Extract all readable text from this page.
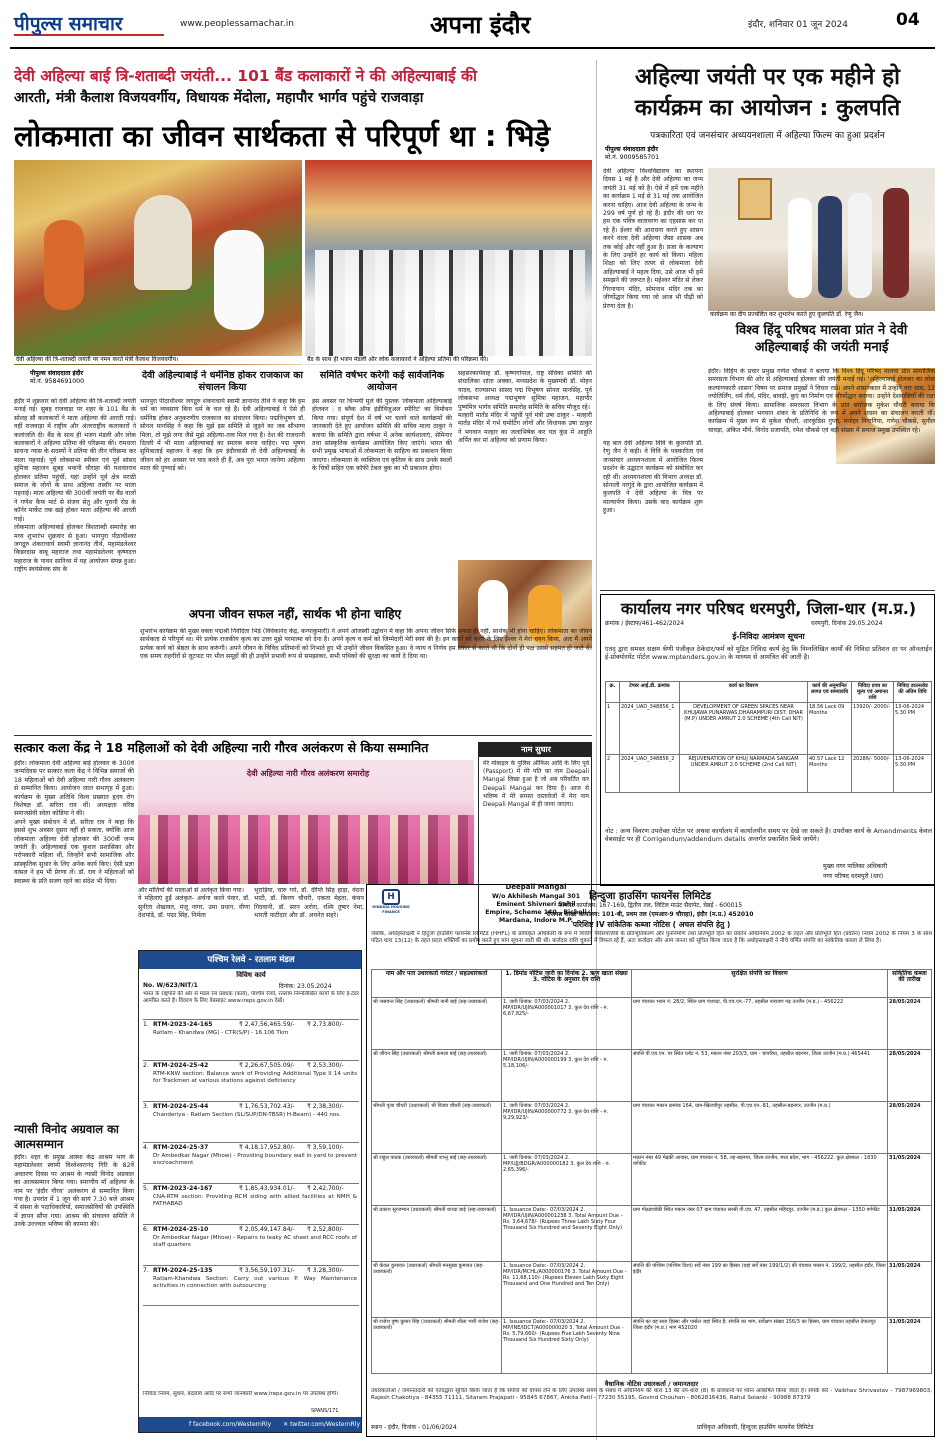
पीपुल्स समाचार	www.peoplessamachar.in	अपना इंदौर	इंदौर, शनिवार 01 जून 2024	04
देवी अहिल्या बाई त्रि-शताब्दी जयंती... 101 बैंड कलाकारों ने की अहिल्याबाई की
आरती, मंत्री कैलाश विजयवर्गीय, विधायक मेंदोला, महापौर भार्गव पहुंचे राजवाड़ा
लोकमाता का जीवन सार्थकता से परिपूर्ण था : भिड़े
देवी अहिल्या की त्रि-शताब्दी जयंती पर नमन करते मंत्री कैलाश विजयवर्गीय।	बैंड के साथ ही भजन मंडली और लोक कलाकारों ने अहिल्या प्रतिमा की परिक्रमा की।
पीपुल्स संवाददाता इंदौर
मो.नं. 9584691000
इंदौर में शुक्रवार को देवी अहिल्या की त्रि-शताब्दी जयंती मनाई गई। सुबह राजवाड़ा पर शहर के 101 बैंड के सोलह सौ कलाकारों ने माता अहिल्या की आरती गाई। वहीं राजवाड़ा में राष्ट्रीय और अंतरराष्ट्रीय कलाकारों ने कलांजलि दी। बैंड के साथ ही भजन मंडली और लोक कलाकारों ने अहिल्या प्रतिमा की परिक्रमा की। रामधारा साधना न्यास के सदस्यों ने प्रतिमा की तीन परिक्रमा कर माला पहनाई। पूर्व लोकसभा स्पीकर एवं पूर्व सांसद सुमित्रा महाजन सुबह भवानी चौराहा की यशवंतराव होलकर प्रतिमा पहुंचीं, यहां उन्होंने पूर्व क्षेत्र मराठी समाज के लोगों के साथ अहिल्या तस्वीर पर माला पहनाई। माता अहिल्या की 300वीं जयंती पर बैंड वालों ने गणेश कैफ मार्ट से संजय सेतु और पुरानी रोड के कॉर्नर मार्केट तक खड़े होकर माता अहिल्या की आरती गाई।
लोकमाता अहिल्याबाई होलकर त्रिशताब्दी समारोह का मध्य शुभारंभ शुक्रवार से हुआ। भानपुरा पीठाधीश्वर जगद्गुरु शंकराचार्य स्वामी ज्ञानानंद तीर्थ, महामंडलेश्वर किन्नरदास बाबू महाराज तथा महामंडलेश्वर कृष्णदत्त महाराज के पावन सानिध्य में यह आयोजन संपन्न हुआ। राष्ट्रीय स्वयंसेवक संघ के
देवी अहिल्याबाई ने धर्मनिष्ठ होकर राजकाज का संचालन किया
भानपुरा पीठाधीश्वर जगद्गुरु शंकराचार्य स्वामी ज्ञानानंद तीर्थ ने कहा कि हम धर्म का व्यवसाय बिना धर्म के चल रहे हैं। देवी अहिल्याबाई ने ऐसे ही धर्मनिष्ठ होकर अनुकरणीय राजकाज का संचालन किया। पद्मविभूषण डॉ. सोनल मानसिंह ने कहा कि मुझे इस समिति से जुड़ने का जब सौभाग्य मिला, तो मुझे लगा जैसे मुझे अहिल्या-तत्व मिल गया है। देश की राजधानी दिल्ली में भी माता अहिल्याबाई का स्मारक बनना चाहिए। पद्म भूषण सुमित्राताई महाजन ने कहा कि हम इंदौरवासी तो देवी अहिल्याबाई के जीवन को हर अवसर पर याद करते ही हैं, अब पूरा भारत जानेगा अहिल्या माता की पुण्याई को।
समिति वर्षभर करेगी कई सार्वजनिक आयोजन
इस अवसर पर चिन्मयी मुले की पुस्तक 'लोकमाता अहिल्याबाई होलकर : द ब्लैक ऑफ इंडीविजुअल स्पीरिट' का विमोचन किया गया। संपूर्ण देश में वर्ष भर चलने वाले कार्यक्रमों की जानकारी देते हुए आयोजन समिति की सचिव माला ठाकुर ने बताया कि समिति द्वारा वर्षभर में अनेक कार्यशालाएं, सेमिनार तथा सांस्कृतिक कार्यक्रम आयोजित किए जाएंगे। भारत की सभी प्रमुख भाषाओं में लोकमाता के साहित्य का प्रकाशन किया जाएगा। लोकमाता के व्यक्तित्व एवं कृतित्व के साथ उनके स्थलों के चित्रों सहित एक कॉफी टेबल बुक का भी प्रकाशन होगा।
सहसरकार्यवाह डॉ. कृष्णगोपाल, राष्ट्र सेविका समिति की संचालिका शांता अक्का, मध्यप्रदेश के मुख्यमंत्री डॉ. मोहन यादव, राज्यसभा सांसद पद्म विभूषण सोनल मानसिंह, पूर्व लोकसभा अध्यक्ष पद्मभूषण सुमित्रा महाजन, महापौर पुष्यमित्र भार्गव समिति समारोह समिति के सचिव मौजूद रहे।
मल्हारी मार्तंड मंदिर में पहुंचीं पूर्व मंत्री उषा ठाकुर - मल्हारी मार्तंड मंदिर में गर्भ घमोटिंग लोगों और विधायक उषा ठाकुर ने भगवान मल्हार का जलाभिषेक कर यज्ञ कुंड में आहुति अर्पित कर मां अहिल्या को प्रणाम किया।
अपना जीवन सफल नहीं, सार्थक भी होना चाहिए
शुभारंभ कार्यक्रम की मुख्य वक्ता पद्मश्री निवेदिता भिड़े (विवेकानंद केंद्र, कन्याकुमारी) ने अपने ओजस्वी उद्बोधन में कहा कि अपना जीवन सिर्फ सफल ही नहीं, सार्थक भी होना चाहिए। लोकमाता का जीवन सार्थकता से परिपूर्ण था। मेरे प्रत्येक राजकीय कृत्य का उत्तर मुझे परमात्मा को देना है। अपने कृत्य व कर्म को जिम्मेदारी मेरी स्वयं की है। इन कार्यों को करने के लिए ईश्वर ने मेरा चयन किया, अतः मैं अपने प्रत्येक कार्य को श्रेष्ठता के साथ करूंगी। अपने जीवन के विविध प्रतिमानों को निभाते हुए भी उन्होंने जीवन विकसित हुआ। वे न्याय व निर्णय हम प्रकार से करते थी कि दोनों ही पक्ष उससे सहमत हो जाते थे। एक समय राहगीरों से लूटपाट पर भील समूहों की ही उन्होंने प्रभावी रूप से समझाकर, सभी पथिकों की सुरक्षा का कार्य दे दिया था।
अहिल्या जयंती पर एक महीने हो कार्यक्रम का आयोजन : कुलपति
पत्रकारिता एवं जनसंचार अध्ययनशाला में अहिल्या फिल्म का हुआ प्रदर्शन
पीपुल्स संवाददाता इंदौर
मो.नं. 9009585701
देवी अहिल्या विश्वविद्यालय का स्थापना दिवस 1 मई है और देवी अहिल्या का जन्म जयंती 31 मई को है। ऐसे में हमें एक महीने का कार्यक्रम 1 मई से 31 मई तक आयोजित करना चाहिए। आज देवी अहिल्या के जन्म के 299 वर्ष पूर्ण हो रहे हैं। इंदौर की धरा पर हम एक पवित्र वातावरण का एहसास कर पा रहे हैं। ईश्वर की आराधना करते हुए शासन करने वाला देवी अहिल्या जैसा शासक अब तक कोई और नहीं हुआ है। प्रजा के कल्याण के लिए उन्होंने हर कार्य को किया। महिला शिक्षा को लिए तत्पर से लोकमाता देवी अहिल्याबाई ने महत्व दिया, उसे आज भी हमें समझने की जरूरत है। महेश्वर मंदिर से लेकर गिरनापान मंदिर, सोमनाथ मंदिर तक का जीर्णोद्धार किया गया जो आज भी पीढ़ी को प्रेरणा देता है।
यह बात देवी अहिल्या विवि के कुलपति डॉ. रेणु जैन ने कही। वे विवि के पत्रकारिता एवं जनसंचार अध्ययनशाला में आयोजित फिल्म प्रदर्शन के उद्घाटन कार्यक्रम को संबोधित कर रही थीं। अध्ययनशाला की विभाग अध्यक्ष डॉ. सोनाली नरगुंदे के द्वारा आयोजित कार्यक्रम में कुलपति ने देवी अहिल्या के चित्र पर माल्यार्पण किया। उसके बाद कार्यक्रम शुरू हुआ।
कार्यक्रम का दीप प्रज्वलित कर शुभारंभ करते हुए कुलपति डॉ. रेणु जैन।
विश्व हिंदू परिषद मालवा प्रांत ने देवी अहिल्याबाई की जयंती मनाई
इंदौर। विहिप के प्रचार प्रमुख गणेश चौकसे ने बताया कि विश्व हिंदू परिषद मालवा प्रांत सामाजिक समरसता विभाग की ओर से अहिल्याबाई होलकर की जयंती मनाई गई। 'अहिल्याबाई होलकर का लोक कल्याणकारी शासन' विषय पर समाज प्रमुखों ने विचार रखे। अपने शासनकाल में उन्होंने चार धाम, 12 ज्योतिर्लिंग, धर्म तीर्थ, मंदिर, बावड़ी, कुएं का निर्माण एवं जीर्णोद्धार कराया। उन्होंने देशवासियों की रक्षा के लिए संघर्ष किया। सामाजिक समरसता विभाग के प्रांत संयोजक मुकेश चौधरी बताया कि अहिल्याबाई होलकर भगवान शंकर के प्रतिनिधि के रूप में अपने शासन का संचालन करती थीं। कार्यक्रम में मुख्य रूप से मुकेश चौधरी, शारकुंडिस गुप्ता, मनोहर निनानिया, गणेश चौकसे, सुनील चावड़ा, अंकित मौर्य, विनोद प्रजापति, रमेश चौकसे एवं बड़ी संख्या में समाज प्रमुख उपस्थित रहे।
कार्यालय नगर परिषद धरमपुरी, जिला-धार (म.प्र.)
क्रमांक / ईस्टाफ/461-462/2024	धरमपुरी, दिनांक 29.05.2024
ई-निविदा आमंत्रण सूचना
एतद् द्वारा समस्त सक्षम श्रेणी पंजीकृत ठेकेदार/फर्म को मुद्रित निविदा कार्य हेतु कि निम्नलिखित कार्यों की निविदा प्रतिशत दर पर ऑनलाईन ई-प्रोक्योरमेंट पोर्टल www.mptenders.gov.in के माध्यम से आमंत्रित की जाती है।
क्र.	टेण्डर आई.डी. क्रमांक	कार्य का विवरण	कार्य की अनुमानित लागत एवं समयावधि	निविदा प्रपत्र का मूल्य एवं अमानत राशि	निविदा डाउनलोड की अंतिम तिथि
1	2024_UAD_348856_1	DEVELOPMENT OF GREEN SPACES NEAR KHUJAWA PUNARWAS,DHARAMPURI DIST: DHAR (M.P) UNDER AMRUT 2.0 SCHEME (4th Call NIT)	18.56 Lack 09 Months	13920/- 2000/-	13-06-2024 5.30 PM
2	2024_UAD_348856_2	REJUVENATION OF KHUJ NARMADA SANGAM UNDER AMRUT 2.0 SCHEME (2nd Call NIT)	40.57 Lack 12 Months	20286/- 5000/-	13-06-2024 5.30 PM
नोट : अन्य विवरण उपरोक्त पोर्टल पर अथवा कार्यालय में कार्यालयीन समय पर देखे जा सकते है। उपरोक्त कार्य के Amendments केवल वेबसाईट पर ही Corrigendum/addendum details अन्तर्गत प्रकाशित किये जायेंगे।
मुख्य नगर पालिका अधिकारी
नगर परिषद धरमपुरी (धार)
सत्कार कला केंद्र ने 18 महिलाओं को देवी अहिल्या नारी गौरव अलंकरण से किया सम्मानित
इंदौर। लोकमाता देवी अहिल्या बाई होलकर के 300वें जन्मदिवस पर सत्कार कला केंद्र ने विभिन्न समाजों की 18 महिलाओं को देवी अहिल्या नारी गौरव अलंकरण से सम्मानित किया। आयोजन जाल सभागृह में हुआ। कार्यक्रम के मुख्य अतिथि विश्व प्रख्यात हृदय रोग विशेषज्ञ डॉ. सरिता राव थीं। अध्यक्षता वरिष्ठ समाजसेवी स्वेता कोडिया ने की।
अपने मुख्य संबोधन में डॉ. सरिता राव ने कहा कि इससे शुभ अवसर दूसरा नहीं हो सकता, क्योंकि आज लोकमाता अहिल्या देवी होलकर की 300वीं जन्म जयंती है। अहिल्याबाई एक कुशल प्रशासिका और परोपकारी महिला थीं, जिन्होंने सभी सामाजिक और सांस्कृतिक सुधार के लिए अनेक कार्य किए। ऐसी प्रज्ञा वत्सल ने हम भी प्रेरणा लें। डॉ. राव ने महिलाओं को स्वास्थ्य के प्रति सजग रहने का संदेश भी दिया।
देवी अहिल्या नारी गौरव अलंकरण समारोह
और मोतियों की मालाओं से अलंकृत किया गया।
ये महिलाएं हुईं अलंकृत- अर्चना काले पंवार, डॉ. सुनीता शेखावत, मंजू नागर, उमा प्रधान, वीणा देशपांडे, डॉ. पद्मा सिंह, निर्मला
भुराड़िया, चारु गर्ग, डॉ. दीप्ति सिंह हाड़ा, वंदना भाटी, डॉ. किरण चौधरी, एकता मेहता, कंचन गिदवानी, डॉ. सरन अरोरा, रश्मि तुषार नेमा, भारती पाटीदार और डॉ. अचनेत सहरे।
नाम सुधार
मेरे मोबाइल के पुलिस ऑफिस आदि के लिए पूर्व (Passport) में मेरे पति का नाम Deepali Mangal लिखा हुआ है जो अब परिवर्तित कर Deepali Mangal कर दिया है। आज से भविष्य में मेरे समस्त दस्तावेजों में मेरा नाम Deepali Mangal से ही जाना जाएगा।
Deepali Mangal
W/o Akhilesh Mangal 301 Eminent Shivneri Sahil Empire, Scheme 140 , Bicholi Mardana, Indore M.P.
पश्चिम रेलवे - रतलाम मंडल
विविध कार्य
No. W/623/NIT/1	दिनांक: 23.05.2024
भारत के राष्ट्रपति की ओर से मंडल रेल प्रबंधक (कार्य), पश्चिम रेलवे, रतलाम निम्नलिखित कार्यों के लिए ई-टेंडर आमंत्रित करते हैं। विवरण के लिए वेबसाइट www.ireps.gov.in देखें।
1. RTM-2023-24-165	₹ 2,47,56,465.59/- ₹ 2,73,800/-
Ratlam - Khandwa (MG) - CTR(S/P) - 16.106 Tkm
2. RTM-2024-25-42	₹ 2,26,67,505.09/- ₹ 2,53,300/-
RTM-KNW section: Balance work of Providing Additional Type II 14 units for Trackmen at various stations against deficiency
3. RTM-2024-25-44	₹ 1,76,53,702.43/- ₹ 2,38,300/-
Chanderiya - Ratlam Section (SL/SUP/DN-TBSR) H-Beam) - 440 nos.
4. RTM-2024-25-37	₹ 4,18,17,952.80/- ₹ 3,59,100/-
Dr Ambedkar Nagar (Mhow) - Providing boundary wall in yard to prevent encroachment
5. RTM-2023-24-167	₹ 1,85,43,934.01/- ₹ 2,42,700/-
CNA-RTM section: Providing RCM siding with allied facilities at NMH & FATHABAD
6. RTM-2024-25-10	₹ 2,05,49,147.84/- ₹ 2,52,800/-
Dr Ambedkar Nagar (Mhow) - Repairs to leaky AC sheet and RCC roofs of staff quarters
7. RTM-2024-25-135	₹ 3,56,59,197.31/- ₹ 3,28,300/-
Ratlam-Khandwa Section: Carry out various P. Way Maintenance activities in connection with outsourcing
निविदा नियम, सुधार, बदलाव आदि पर सभी जानकारी www.ireps.gov.in पर उपलब्ध होगी।
f facebook.com/WesternRly ✕ twitter.com/WesternRly
SPANS/171
न्यासी विनोद अग्रवाल का आत्मसम्मान
इंदौर। शहर के प्रमुख आस्था केंद्र आश्रम भाग के महामंडलेश्वर स्वामी विश्वेश्वरानंद गिरि के 82वें अवतरण दिवस पर आश्रम के न्यासी विनोद अग्रवाल का आत्मसम्मान किया गया। स्मरणीय माँ अहिल्या के नाम पर 'इंदौर गौरव' अलंकरण से सम्मानित किया गया है। उपरांत में 1 जून की सायं 7.30 बजे आश्रम में संस्था के पदाधिकारियों, समाजसेवियों की उपस्थिति में ज्ञापन सौंपा गया। आश्रम की संचालन समिति ने उनके उज्ज्वल भविष्य की कामना की।
H
HINDUJA HOUSING FINANCE
हिन्दुजा हाउसिंग फायनेंस लिमिटेड
कॉर्पोरेट कार्यालय: 167-169, द्वितीय तल, लिटिल माउंट सैदापेट, चेन्नई - 600015
रीजनल शाखा कार्यालय: 101-बी, प्रथम तल (एमआर-9 चौराहा), इंदौर (म.प्र.) 452010
परिशिष्ट IV सांकेतिक कब्जा नोटिस ( अचल संपत्ति हेतु )
जबकि, अधोहस्ताक्षरी ने हिंदुजा हाउसिंग फायनेंस लिमिटेड (HHFL) के प्राधिकृत अधिकारी के रूप में वित्तीय परिसंपत्तियों के प्रतिभूतिकरण और पुनर्निर्माण तथा प्रतिभूति हित का प्रवर्तन अधिनियम 2002 के तहत और प्रतिभूति हित (प्रवर्तन) नियम 2002 के नियम 3 के साथ पठित धारा 13(12) के तहत प्रदत्त शक्तियों का प्रयोग करते हुए मांग सूचना जारी की थी। कर्जदार राशि चुकाने में विफल रहे हैं, अतः कर्जदार और आम जनता को सूचित किया जाता है कि अधोहस्ताक्षरी ने नीचे वर्णित संपत्ति का सांकेतिक कब्जा ले लिया है।
नाम और पता उधारकर्ता गारंटर / सहउधारकर्ता	1. डिमांड नोटिस जारी का दिनांक 2. ऋण खाता संख्या 3. नोटिस के अनुसार देय राशि	सुरक्षित संपत्ति का विवरण	सांकेतिक कब्जा की तारीख
श्री जसवन्त सिंह (उधारकर्ता) श्रीमती नानी बाई (सह-उधारकर्ता)	1. जारी दिनांक: 07/03/2024 2. MP/IDR/UJIN/A000001017 3. कुल देय राशि - रु. 6,67,825/-	ग्राम पंचायत भवन नं. 28/2, स्थित ग्राम पंथपदा, पी.एच.एन.-77, तहसील नारायण गढ़ उज्जैन (म.प्र.) - 456222	28/05/2024
श्री जीवन सिंह (उधारकर्ता) श्रीमती कमला बाई (सह-उधारकर्ता)	1. जारी दिनांक: 07/03/2024 2. MP/IDR/UJIN/A000000199 3. कुल देय राशि - रु. 5,18,106/-	संपत्ति पी.एच.एन. पर स्थित प्लॉट नं. 53, मकान नंबर 203/3, ग्राम - चापरिया, तहसील बड़नगर, जिला उज्जैन (म.प्र.) 465441	28/05/2024
श्रीमती पूजा चौधरी (उधारकर्ता) श्री विजय चौधरी (सह-उधारकर्ता)	1. जारी दिनांक: 07/03/2024 2. MP/IDR/UJIN/A000000772 3. कुल देय राशि - रु. 9,29,923/-	ग्राम पंचायत मकान क्रमांक 164, ग्राम-खिलचीपुर तहसील, पी.एच.एन.-81, तहसील-बड़नगर, उज्जैन (म.प्र.)	28/05/2024
श्री राहुल पाठक (उधारकर्ता) श्रीमती शान्तू बाई (सह-उधारकर्ता)	1. जारी दिनांक: 07/03/2024 2. MP/UJJ/BDGR/A000000182 3. कुल देय राशि - रु. 2,65,396/-	मकान नंबर 49 मेढ़की आवास, ग्राम पंचायत नं. 58, तह-बड़नगर, जिला-उज्जैन, मध्य प्रदेश, भाग - 456222. कुल क्षेत्रफल - 1830 वर्गफीट	31/05/2024
श्री प्रकाश सुरजभान (उधारकर्ता) श्रीमती शारदा बाई (सह-उधारकर्ता)	1. Issuance Date:- 07/03/2024 2. MP/IDR/UJIN/A000001238 3. Total Amount Due - Rs. 3,64,678/- (Rupees Three Lakh Sixty Four Thousand Six Hundred and Seventy Eight Only)	ग्राम गोठडाचोकी स्थित मकान नंबर 07 ग्राम पंचायत सरसी पी.एच. 47, तहसील महिदपुर, उज्जैन (म.प्र.) कुल क्षेत्रफल - 1350 वर्गफीट	31/05/2024
श्री केवल कुमावत (उधारकर्ता) श्रीमती मनसुखा कुमावत (सह-उधारकर्ता)	1. Issuance Date:- 07/03/2024 2. MP/IDR/MCHL/A000000176 3. Total Amount Due - Rs. 11,68,110/- (Rupees Eleven Lakh Sixty Eight Thousand and One Hundred and Ten Only)	संपत्ति की पश्चिम (पश्चिम दिशा) सर्वे नंबर 199 का हिस्सा (यहां सर्वे नंबर 199/1/2) की पंचायत मकान नं. 199/2, तहसील इंदौर, जिला इंदौर	31/05/2024
श्री राजेश पुष्प कुमार सिंह (उधारकर्ता) श्रीमती शीला भारी राजेश (सह-उधारकर्ता)	1. Issuance Date:- 07/03/2024 2. MP/INE/IDCT/A000000020 3. Total Amount Due - Rs. 5,79,660/- (Rupees Five Lakh Seventy Nine Thousand Six Hundred Sixty Only)	संपत्ति का यह सारा हिस्सा और पार्सल जहां स्थित है: संपत्ति का भाग, सर्वेक्षण संख्या 156/3 का हिस्सा, ग्राम पंचायत तहसील देपालपुर जिला इंदौर (म.प्र.) भाग 452020	31/05/2024
वैधानिक नोटिस उधारकर्ता / जमानतदार
उधारकर्ताओं / जमानतदारों को एतदद्वारा सूचित किया जाता है कि संपत्ति को वापस लेने के लिए उपलब्ध समय के संबंध में अधिनियम की धारा 13 की उप-धारा (8) के प्रावधानों पर ध्यान आकर्षित किया जाता है। संपर्क करें - Vaibhav Shrivastav - 7987969803, Rajesh Chakotiya - 84355 71111, Sitaram Prajapati - 95845 67867, Ankita Patil - 77230 55195, Govind Chouhan - 8062816436, Rahul Solanki - 90988 87379
स्थान - इंदौर, दिनांक - 01/06/2024	प्राधिकृत अधिकारी, हिन्दुजा हाउसिंग फायनेंस लिमिटेड
